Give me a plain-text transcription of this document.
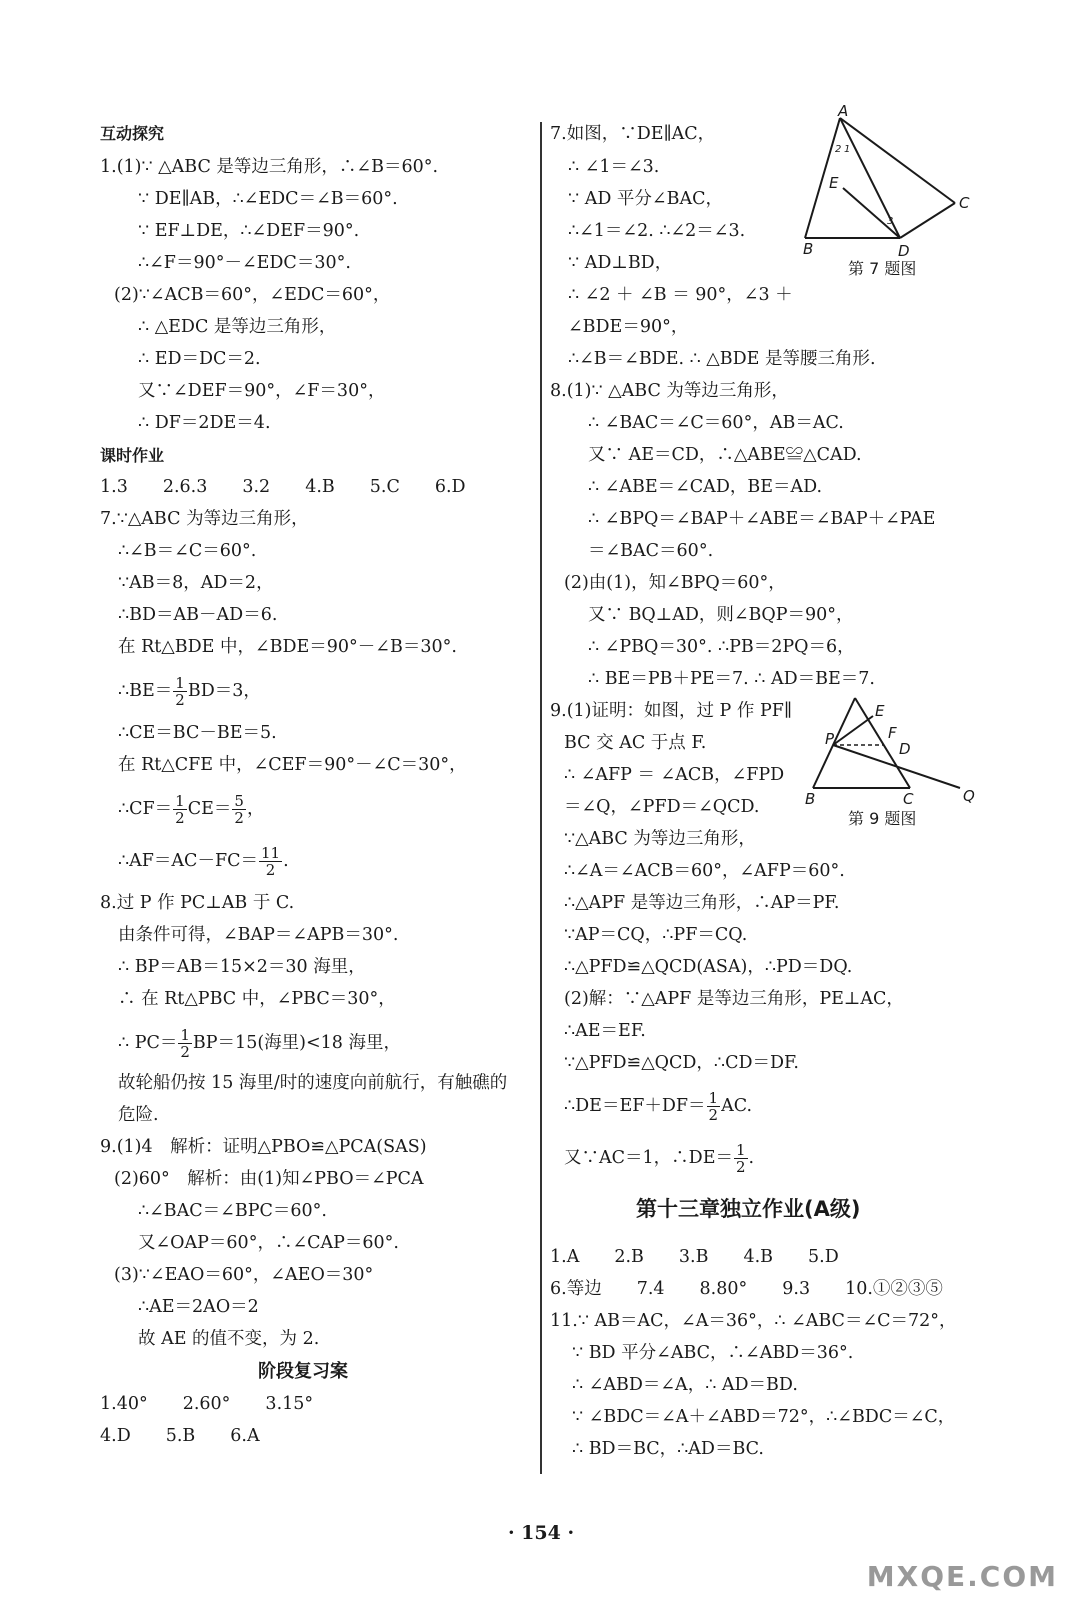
互动探究
1.(1)∵ △ABC 是等边三角形，∴∠B＝60°.
∵ DE∥AB，∴∠EDC＝∠B＝60°.
∵ EF⊥DE，∴∠DEF＝90°.
∴∠F＝90°－∠EDC＝30°.
(2)∵∠ACB＝60°，∠EDC＝60°，
∴ △EDC 是等边三角形，
∴ ED＝DC＝2.
又∵∠DEF＝90°，∠F＝30°，
∴ DF＝2DE＝4.
课时作业
1.3　　2.6.3　　3.2　　4.B　　5.C　　6.D
7.∵△ABC 为等边三角形，
∴∠B＝∠C＝60°.
∵AB＝8，AD＝2，
∴BD＝AB－AD＝6.
在 Rt△BDE 中，∠BDE＝90°－∠B＝30°.
∴BE＝ $\frac{1}{2} BD=3$，
∴CE＝BC－BE＝5.
在 Rt△CFE 中，∠CEF＝90°－∠C＝30°，
∴CF＝ $\frac{1}{2} CE= \frac{5}{2}$ ，
∴AF＝AC－FC＝ $\frac{11}{2}$ .
8.过 P 作 PC⊥AB 于 C.
由条件可得，∠BAP＝∠APB＝30°.
∴ BP＝AB＝15×2＝30 海里，
∴ 在 Rt△PBC 中，∠PBC＝30°，
∴ $PC= \frac{1}{2} BP=15$(海里)<18 海里，
故轮船仍按 15 海里/时的速度向前航行，有触礁的
危险.
9.(1)4　解析：证明△PBO≌△PCA(SAS)
(2)60°　解析：由(1)知∠PBO＝∠PCA
∴∠BAC＝∠BPC＝60°.
又∠OAP＝60°，∴∠CAP＝60°.
(3)∵∠EAO＝60°，∠AEO＝30°
∴AE＝2AO＝2
故 AE 的值不变，为 2.
阶段复习案
1.40°　　2.60°　　3.15°
4.D　　5.B　　6.A
7.如图，∵DE∥AC，
∴ ∠1＝∠3.
∵ AD 平分∠BAC，
∴∠1＝∠2. ∴∠2＝∠3.
∵ AD⊥BD，
∴ ∠2 ＋ ∠B ＝ 90°，∠3 ＋
∠BDE＝90°，
∴∠B＝∠BDE. ∴ △BDE 是等腰三角形.
8.(1)∵ △ABC 为等边三角形，
∴ ∠BAC＝∠C＝60°，AB＝AC.
又∵ AE＝CD，∴△ABE≌△CAD.
∴ ∠ABE＝∠CAD，BE＝AD.
∴ ∠BPQ＝∠BAP＋∠ABE＝∠BAP＋∠PAE
＝∠BAC＝60°.
(2)由(1)，知∠BPQ＝60°，
又∵ BQ⊥AD，则∠BQP＝90°，
∴ ∠PBQ＝30°. ∴PB＝2PQ＝6，
∴ BE＝PB＋PE＝7. ∴ AD＝BE＝7.
9.(1)证明：如图，过 P 作 PF∥
BC 交 AC 于点 F.
∴ ∠AFP ＝ ∠ACB，∠FPD
＝∠Q，∠PFD＝∠QCD.
∵△ABC 为等边三角形，
∴∠A＝∠ACB＝60°，∠AFP＝60°.
∴△APF 是等边三角形，∴AP＝PF.
∵AP＝CQ，∴PF＝CQ.
∴△PFD≌△QCD(ASA)，∴PD＝DQ.
(2)解：∵△APF 是等边三角形，PE⊥AC，
∴AE＝EF.
∵△PFD≌△QCD，∴CD＝DF.
∴DE＝EF＋DF＝ $\frac{1}{2}$ AC.
又∵AC＝1，∴DE＝ $\frac{1}{2}$ .
第十三章独立作业(A级)
1.A　　2.B　　3.B　　4.B　　5.D
6.等边　　7.4　　8.80°　　9.3　　10.①②③⑤
11.∵ AB＝AC，∠A＝36°，∴ ∠ABC＝∠C＝72°，
∵ BD 平分∠ABC，∴∠ABD＝36°.
∴ ∠ABD＝∠A，∴ AD＝BD.
∵ ∠BDC＝∠A＋∠ABD＝72°，∴∠BDC＝∠C，
∴ BD＝BC，∴AD＝BC.
A
B
C
D
E
1
2
3
第 7 题图
B	C
D
E
F
P
Q
第 9 题图
· 154 ·
MXQE.COM
